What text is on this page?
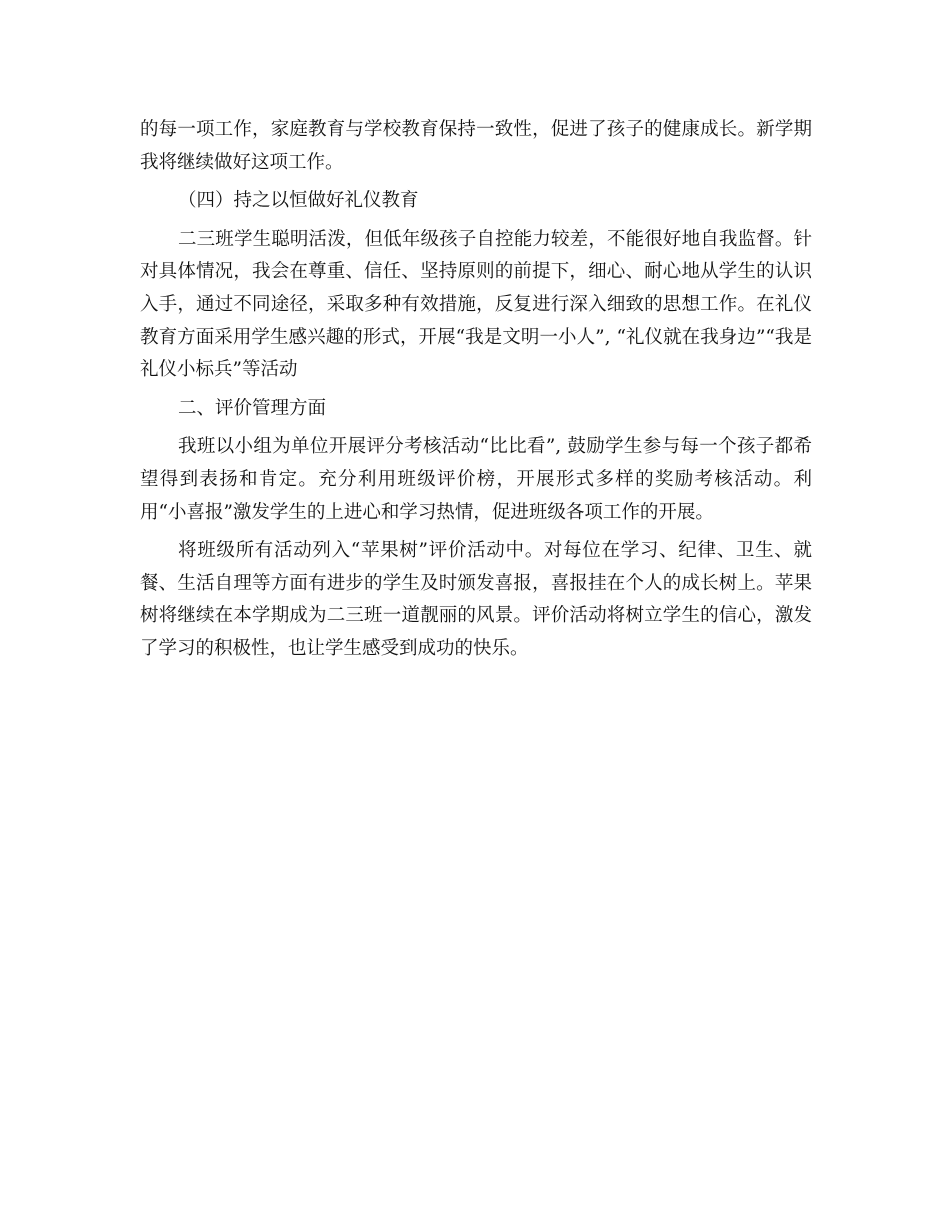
的每一项工作，家庭教育与学校教育保持一致性，促进了孩子的健康成长。新学期我将继续做好这项工作。

（四）持之以恒做好礼仪教育

二三班学生聪明活泼，但低年级孩子自控能力较差，不能很好地自我监督。针对具体情况，我会在尊重、信任、坚持原则的前提下，细心、耐心地从学生的认识入手，通过不同途径，采取多种有效措施，反复进行深入细致的思想工作。在礼仪教育方面采用学生感兴趣的形式，开展“我是文明一小人”, “礼仪就在我身边”“我是礼仪小标兵”等活动

二、评价管理方面

我班以小组为单位开展评分考核活动“比比看”, 鼓励学生参与每一个孩子都希望得到表扬和肯定。充分利用班级评价榜，开展形式多样的奖励考核活动。利用“小喜报”激发学生的上进心和学习热情，促进班级各项工作的开展。

将班级所有活动列入“苹果树”评价活动中。对每位在学习、纪律、卫生、就餐、生活自理等方面有进步的学生及时颁发喜报，喜报挂在个人的成长树上。苹果树将继续在本学期成为二三班一道靓丽的风景。评价活动将树立学生的信心，激发了学习的积极性，也让学生感受到成功的快乐。
